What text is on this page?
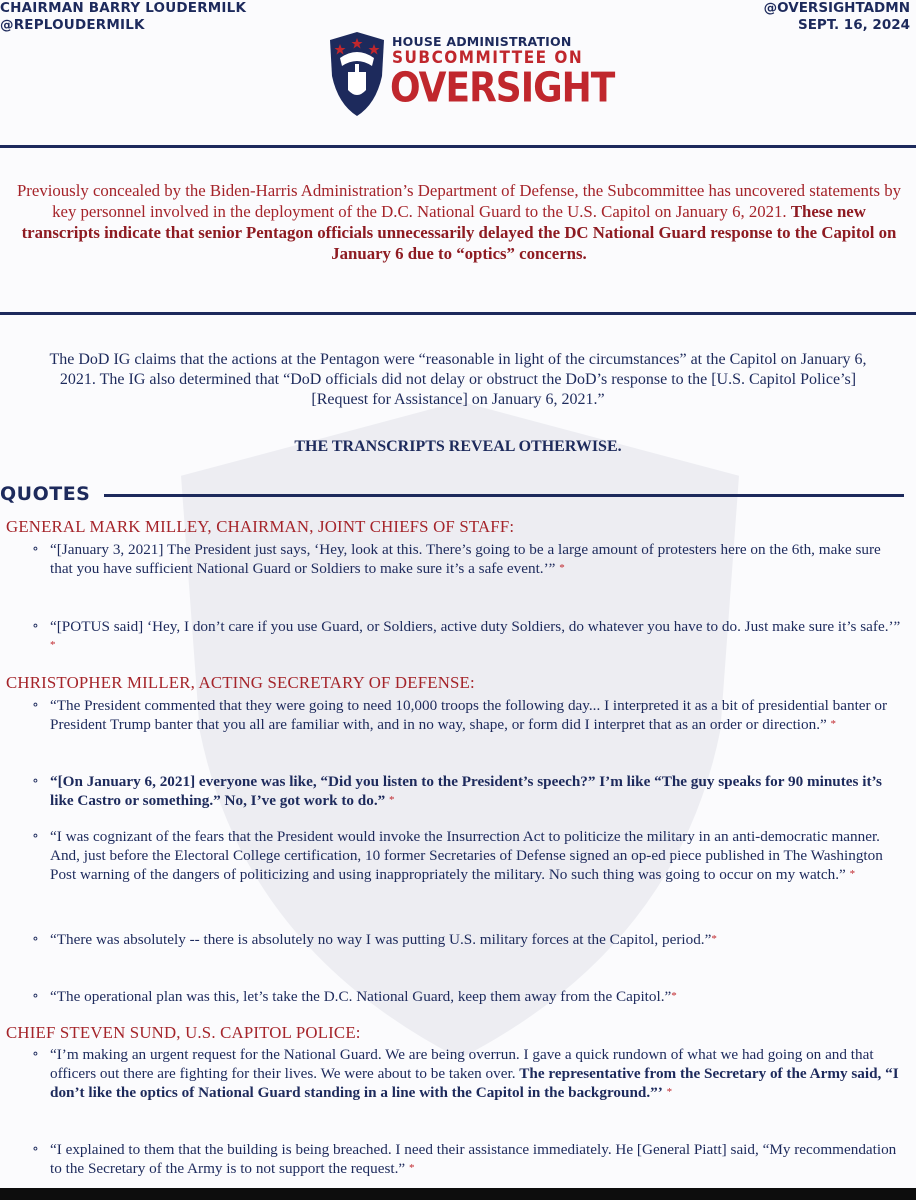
CHAIRMAN BARRY LOUDERMILK
@REPLOUDERMILK
@OVERSIGHTADMN
SEPT. 16, 2024
HOUSE ADMINISTRATION
SUBCOMMITTEE ON
OVERSIGHT
Previously concealed by the Biden-Harris Administration’s Department of Defense, the Subcommittee has uncovered statements by key personnel involved in the deployment of the D.C. National Guard to the U.S. Capitol on January 6, 2021. These new transcripts indicate that senior Pentagon officials unnecessarily delayed the DC National Guard response to the Capitol on January 6 due to “optics” concerns.
The DoD IG claims that the actions at the Pentagon were “reasonable in light of the circumstances” at the Capitol on January 6, 2021. The IG also determined that “DoD officials did not delay or obstruct the DoD’s response to the [U.S. Capitol Police’s] [Request for Assistance] on January 6, 2021.”
THE TRANSCRIPTS REVEAL OTHERWISE.
QUOTES
GENERAL MARK MILLEY, CHAIRMAN, JOINT CHIEFS OF STAFF:
∘ “[January 3, 2021] The President just says, ‘Hey, look at this. There’s going to be a large amount of protesters here on the 6th, make sure that you have sufficient National Guard or Soldiers to make sure it’s a safe event.’” *
∘ “[POTUS said] ‘Hey, I don’t care if you use Guard, or Soldiers, active duty Soldiers, do whatever you have to do. Just make sure it’s safe.’” *
CHRISTOPHER MILLER, ACTING SECRETARY OF DEFENSE:
∘ “The President commented that they were going to need 10,000 troops the following day... I interpreted it as a bit of presidential banter or President Trump banter that you all are familiar with, and in no way, shape, or form did I interpret that as an order or direction.” *
∘ “[On January 6, 2021] everyone was like, “Did you listen to the President’s speech?” I’m like “The guy speaks for 90 minutes it’s like Castro or something.” No, I’ve got work to do.” *
∘ “I was cognizant of the fears that the President would invoke the Insurrection Act to politicize the military in an anti-democratic manner. And, just before the Electoral College certification, 10 former Secretaries of Defense signed an op-ed piece published in The Washington Post warning of the dangers of politicizing and using inappropriately the military. No such thing was going to occur on my watch.” *
∘ “There was absolutely -- there is absolutely no way I was putting U.S. military forces at the Capitol, period.”*
∘ “The operational plan was this, let’s take the D.C. National Guard, keep them away from the Capitol.”*
CHIEF STEVEN SUND, U.S. CAPITOL POLICE:
∘ “I’m making an urgent request for the National Guard. We are being overrun. I gave a quick rundown of what we had going on and that officers out there are fighting for their lives. We were about to be taken over. The representative from the Secretary of the Army said, “I don’t like the optics of National Guard standing in a line with the Capitol in the background.”’ *
∘ “I explained to them that the building is being breached. I need their assistance immediately. He [General Piatt] said, “My recommendation to the Secretary of the Army is to not support the request.” *
